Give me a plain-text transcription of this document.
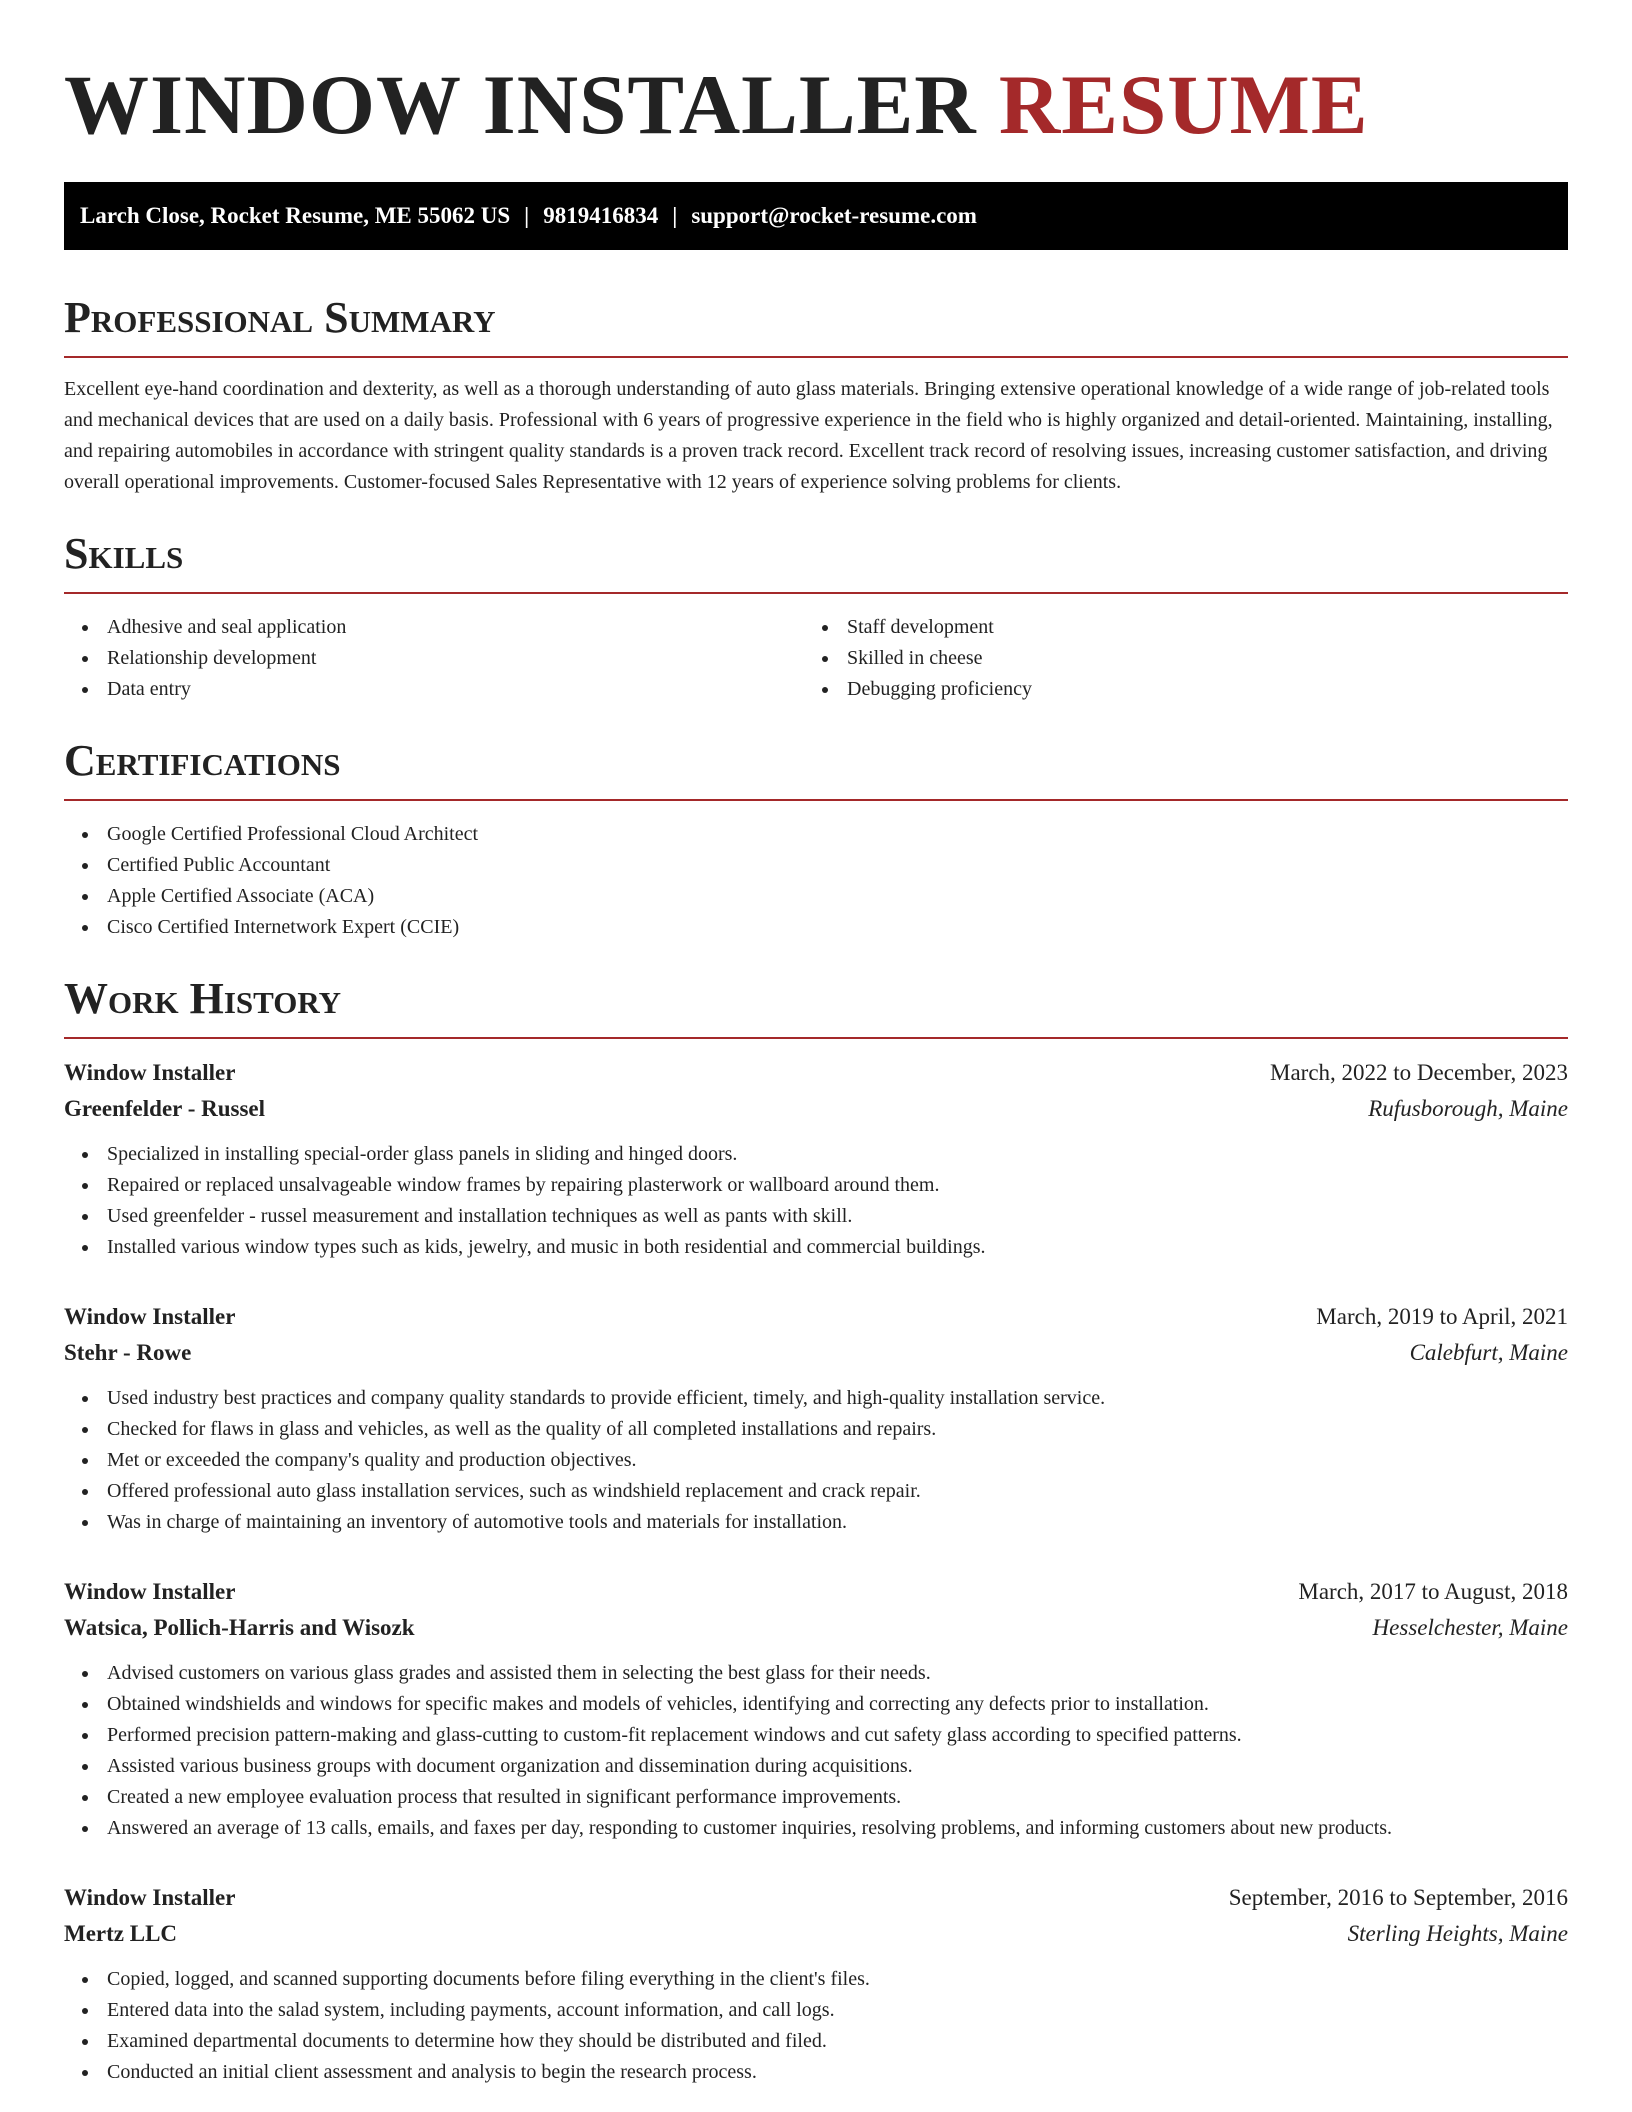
WINDOW INSTALLER RESUME
Larch Close, Rocket Resume, ME 55062 US | 9819416834 | support@rocket-resume.com
Professional Summary

Excellent eye-hand coordination and dexterity, as well as a thorough understanding of auto glass materials. Bringing extensive operational knowledge of a wide range of job-related tools and mechanical devices that are used on a daily basis. Professional with 6 years of progressive experience in the field who is highly organized and detail-oriented. Maintaining, installing, and repairing automobiles in accordance with stringent quality standards is a proven track record. Excellent track record of resolving issues, increasing customer satisfaction, and driving overall operational improvements. Customer-focused Sales Representative with 12 years of experience solving problems for clients.

Skills
Adhesive and seal application
Relationship development
Data entry
Staff development
Skilled in cheese
Debugging proficiency
Certifications
Google Certified Professional Cloud Architect
Certified Public Accountant
Apple Certified Associate (ACA)
Cisco Certified Internetwork Expert (CCIE)
Work History
Window Installer	March, 2022 to December, 2023
Greenfelder - Russel	Rufusborough, Maine
Specialized in installing special-order glass panels in sliding and hinged doors.
Repaired or replaced unsalvageable window frames by repairing plasterwork or wallboard around them.
Used greenfelder - russel measurement and installation techniques as well as pants with skill.
Installed various window types such as kids, jewelry, and music in both residential and commercial buildings.
Window Installer	March, 2019 to April, 2021
Stehr - Rowe	Calebfurt, Maine
Used industry best practices and company quality standards to provide efficient, timely, and high-quality installation service.
Checked for flaws in glass and vehicles, as well as the quality of all completed installations and repairs.
Met or exceeded the company's quality and production objectives.
Offered professional auto glass installation services, such as windshield replacement and crack repair.
Was in charge of maintaining an inventory of automotive tools and materials for installation.
Window Installer	March, 2017 to August, 2018
Watsica, Pollich-Harris and Wisozk	Hesselchester, Maine
Advised customers on various glass grades and assisted them in selecting the best glass for their needs.
Obtained windshields and windows for specific makes and models of vehicles, identifying and correcting any defects prior to installation.
Performed precision pattern-making and glass-cutting to custom-fit replacement windows and cut safety glass according to specified patterns.
Assisted various business groups with document organization and dissemination during acquisitions.
Created a new employee evaluation process that resulted in significant performance improvements.
Answered an average of 13 calls, emails, and faxes per day, responding to customer inquiries, resolving problems, and informing customers about new products.
Window Installer	September, 2016 to September, 2016
Mertz LLC	Sterling Heights, Maine
Copied, logged, and scanned supporting documents before filing everything in the client's files.
Entered data into the salad system, including payments, account information, and call logs.
Examined departmental documents to determine how they should be distributed and filed.
Conducted an initial client assessment and analysis to begin the research process.
